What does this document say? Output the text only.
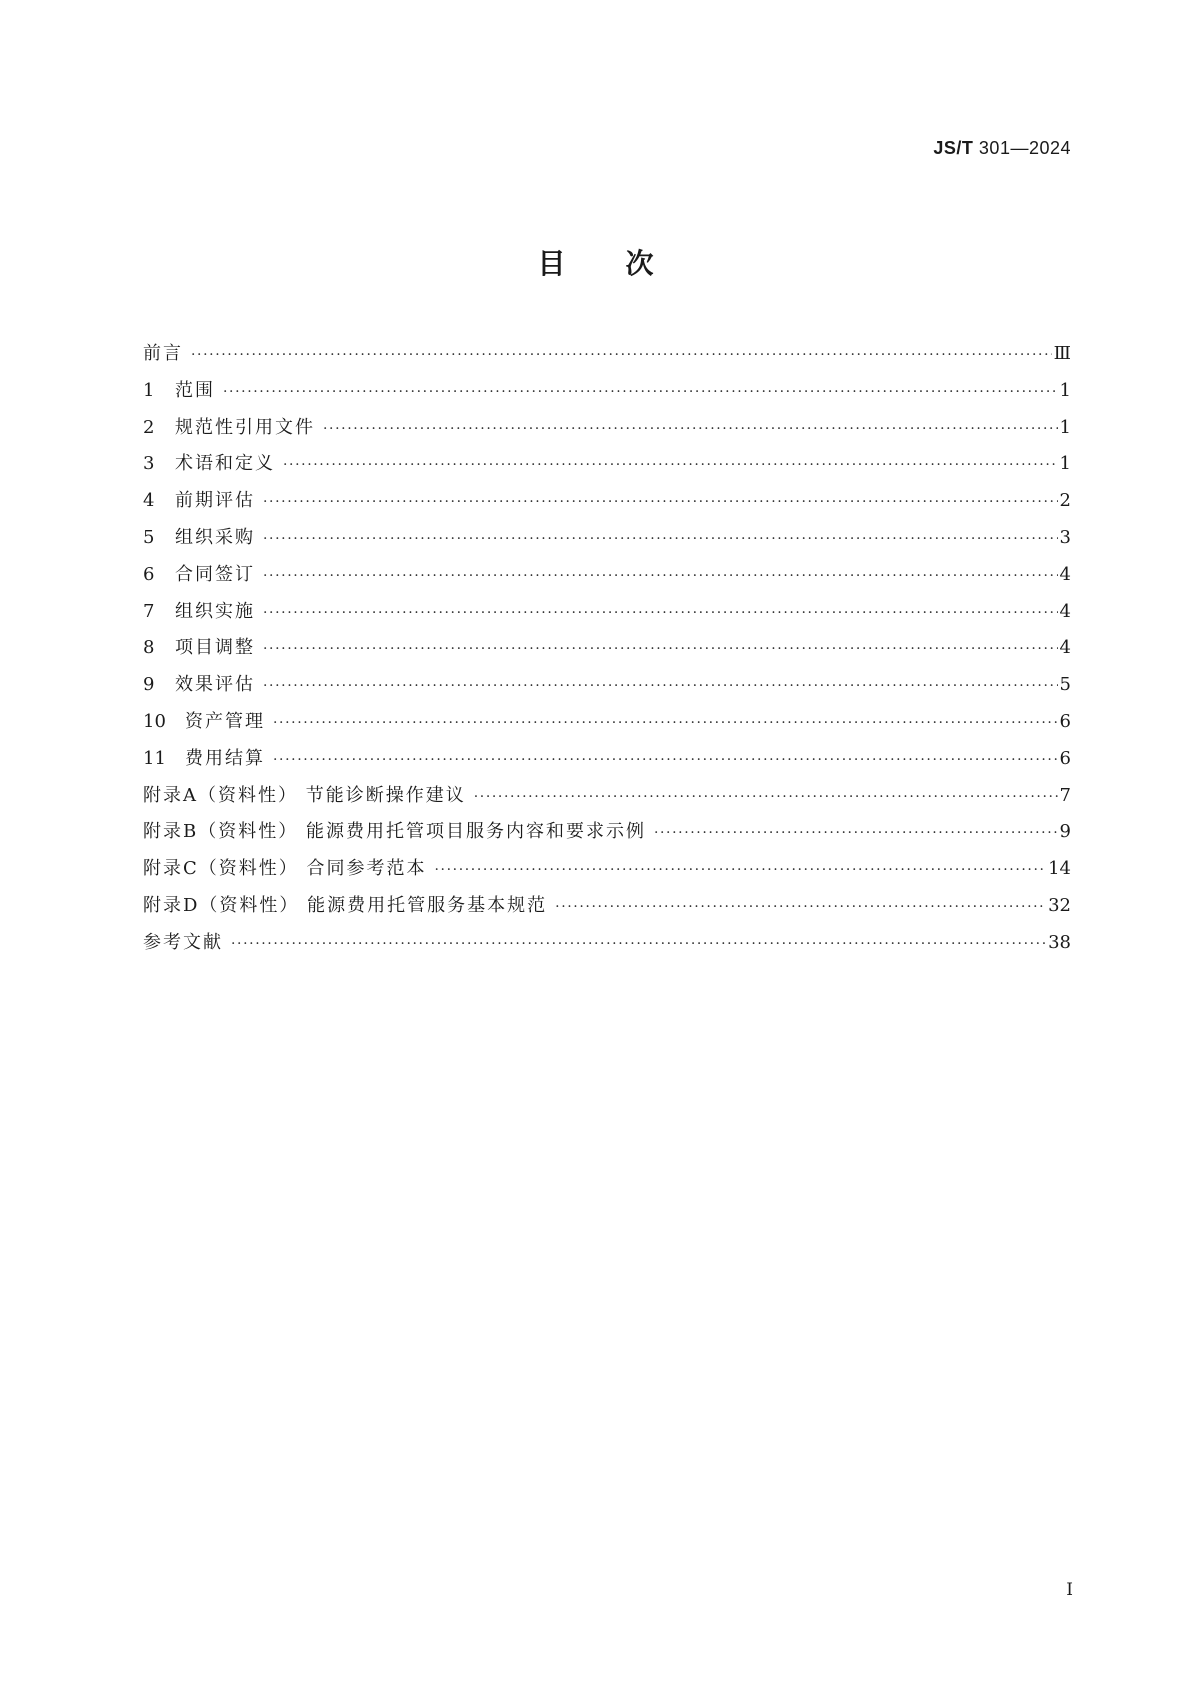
JS/T 301—2024
目次
前言 ·····	Ⅲ
1	范围 ·····	1
2	规范性引用文件 ·····	1
3	术语和定义 ·····	1
4	前期评估 ·····	2
5	组织采购 ·····	3
6	合同签订 ·····	4
7	组织实施 ·····	4
8	项目调整 ·····	4
9	效果评估 ·····	5
10	资产管理 ·····	6
11	费用结算 ·····	6
附录A（资料性） 节能诊断操作建议 ·····	7
附录B（资料性） 能源费用托管项目服务内容和要求示例 ·····	9
附录C（资料性） 合同参考范本 ·····	14
附录D（资料性） 能源费用托管服务基本规范 ·····	32
参考文献 ·····	38
I
